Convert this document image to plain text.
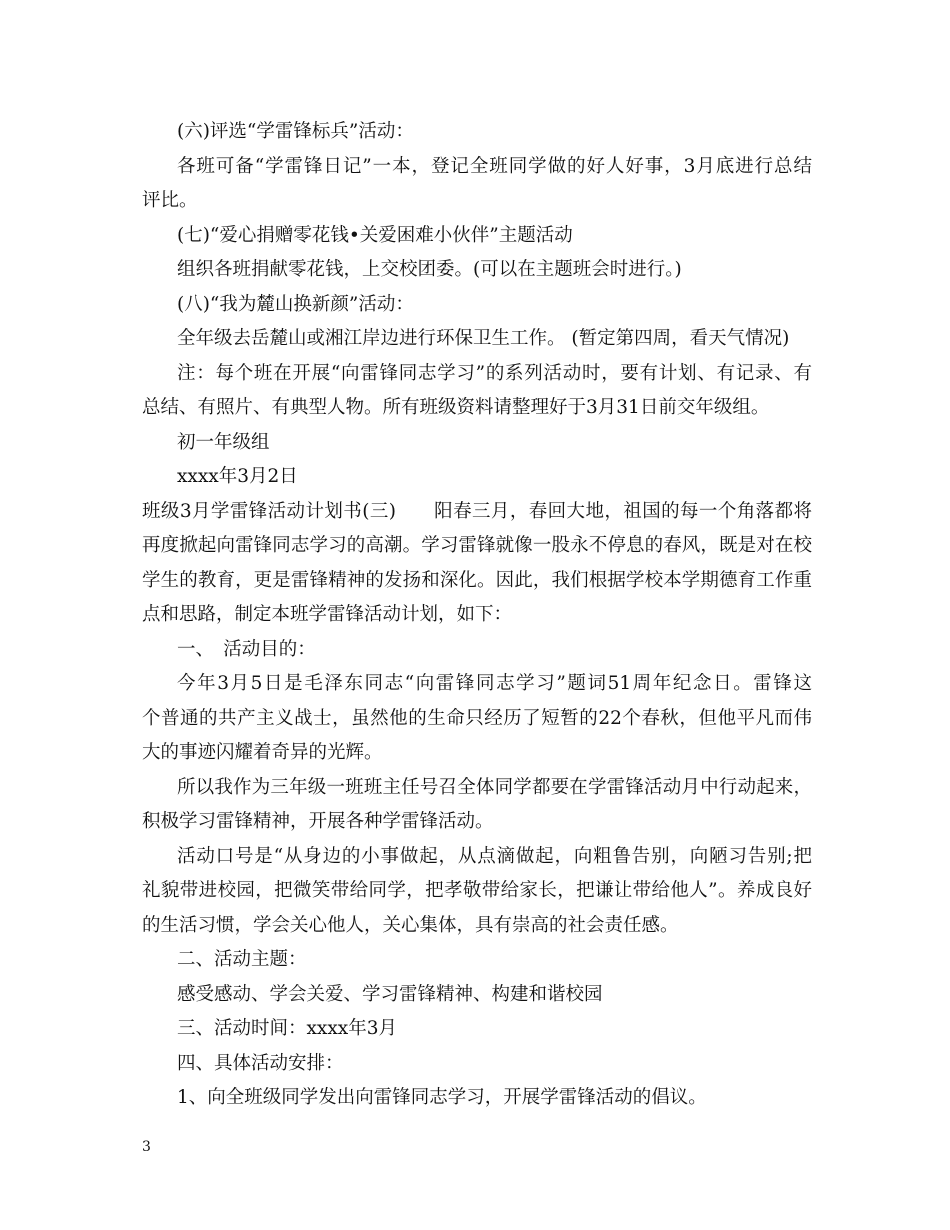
(六)评选“学雷锋标兵”活动：
各班可备“学雷锋日记”一本，登记全班同学做的好人好事，3月底进行总结
评比。
(七)“爱心捐赠零花钱•关爱困难小伙伴”主题活动
组织各班捐献零花钱，上交校团委。(可以在主题班会时进行。)
(八)“我为麓山换新颜”活动：
全年级去岳麓山或湘江岸边进行环保卫生工作。 (暂定第四周，看天气情况)
注：每个班在开展“向雷锋同志学习”的系列活动时，要有计划、有记录、有
总结、有照片、有典型人物。所有班级资料请整理好于3月31日前交年级组。
初一年级组
xxxx年3月2日
班级3月学雷锋活动计划书(三)　　阳春三月，春回大地，祖国的每一个角落都将
再度掀起向雷锋同志学习的高潮。学习雷锋就像一股永不停息的春风，既是对在校
学生的教育，更是雷锋精神的发扬和深化。因此，我们根据学校本学期德育工作重
点和思路，制定本班学雷锋活动计划，如下：
一、　活动目的：
今年3月5日是毛泽东同志“向雷锋同志学习”题词51周年纪念日。雷锋这
个普通的共产主义战士，虽然他的生命只经历了短暂的22个春秋，但他平凡而伟
大的事迹闪耀着奇异的光辉。
所以我作为三年级一班班主任号召全体同学都要在学雷锋活动月中行动起来，
积极学习雷锋精神，开展各种学雷锋活动。
活动口号是“从身边的小事做起，从点滴做起，向粗鲁告别，向陋习告别;把
礼貌带进校园，把微笑带给同学，把孝敬带给家长，把谦让带给他人”。养成良好
的生活习惯，学会关心他人，关心集体，具有崇高的社会责任感。
二、活动主题：
感受感动、学会关爱、学习雷锋精神、构建和谐校园
三、活动时间：xxxx年3月
四、具体活动安排：
1、向全班级同学发出向雷锋同志学习，开展学雷锋活动的倡议。
3
